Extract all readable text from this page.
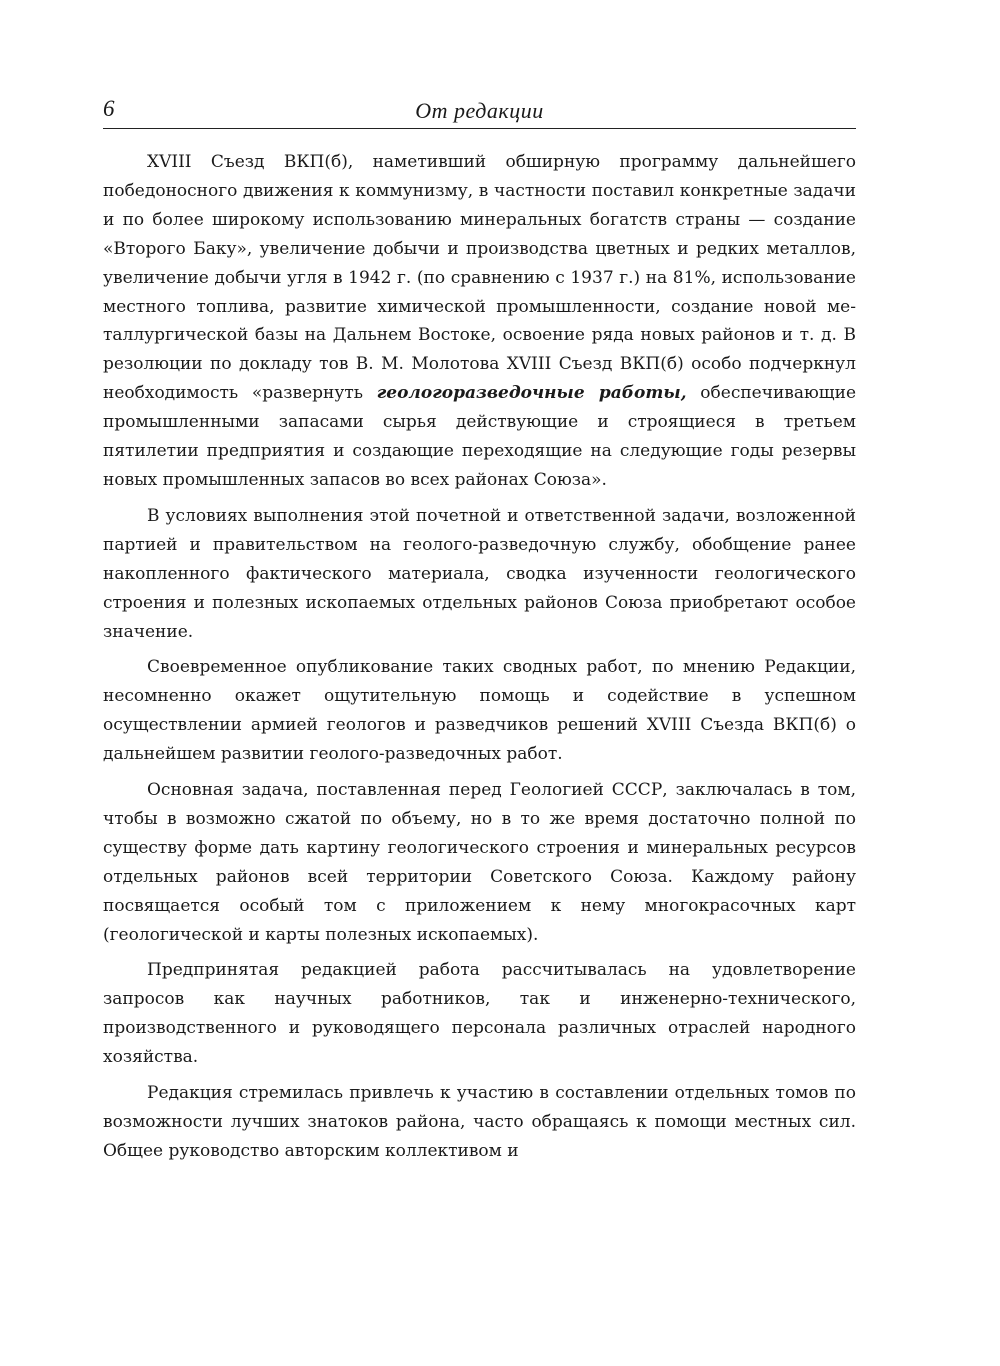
6	От редакции

XVIII Съезд ВКП(б), наметивший обширную программу дальнейшего победоносного движения к коммунизму, в частности поставил конкретные задачи и по более широкому использованию минеральных богатств страны — создание «Второго Баку», увеличение добычи и производства цветных и редких металлов, увеличение добычи угля в 1942 г. (по сравнению с 1937 г.) на 81%, использование местного топлива, развитие химической промышленности, создание новой металлургической базы на Дальнем Востоке, освоение ряда новых районов и т. д. В резолюции по докладу тов В. М. Молотова XVIII Съезд ВКП(б) особо подчеркнул необходимость «развернуть геологоразведочные работы, обеспечивающие промышленными запасами сырья действующие и строящиеся в третьем пятилетии предприятия и создающие переходящие на следующие годы резервы новых промышленных запасов во всех районах Союза».

В условиях выполнения этой почетной и ответственной задачи, возложенной партией и правительством на геолого-разведочную службу, обобщение ранее накопленного фактического материала, сводка изученности геологического строения и полезных ископаемых отдельных районов Союза приобретают особое значение.

Своевременное опубликование таких сводных работ, по мнению Редакции, несомненно окажет ощутительную помощь и содействие в успешном осуществлении армией геологов и разведчиков решений XVIII Съезда ВКП(б) о дальнейшем развитии геолого-разведочных работ.

Основная задача, поставленная перед Геологией СССР, заключалась в том, чтобы в возможно сжатой по объему, но в то же время достаточно полной по существу форме дать картину геологического строения и минеральных ресурсов отдельных районов всей территории Советского Союза. Каждому району посвящается особый том с приложением к нему многокрасочных карт (геологической и карты полезных ископаемых).

Предпринятая редакцией работа рассчитывалась на удовлетворение запросов как научных работников, так и инженерно-технического, производственного и руководящего персонала различных отраслей народного хозяйства.

Редакция стремилась привлечь к участию в составлении отдельных томов по возможности лучших знатоков района, часто обращаясь к помощи местных сил. Общее руководство авторским коллективом и
